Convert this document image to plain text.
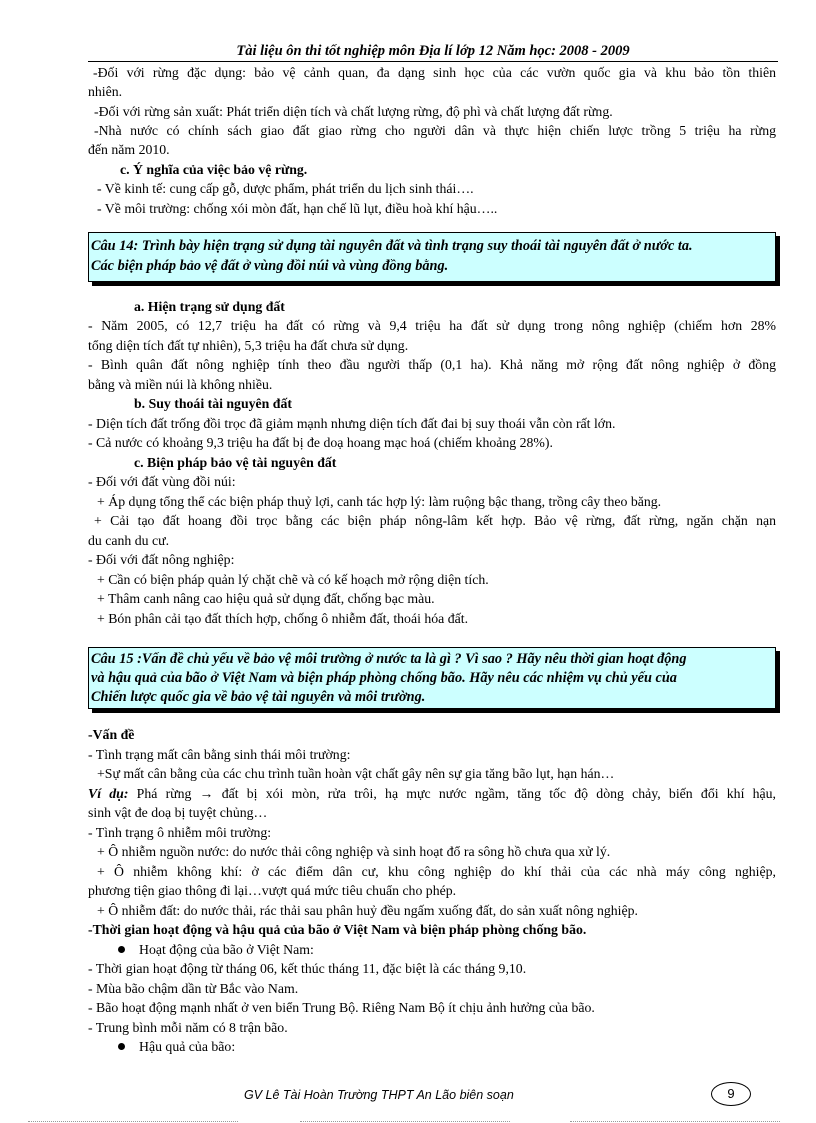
Tài liệu ôn thi tốt nghiệp môn Địa lí lớp 12 Năm học: 2008 - 2009
-Đối với rừng đặc dụng: bảo vệ cảnh quan, đa dạng sinh học của các vườn quốc gia và khu bảo tồn thiên
nhiên.
-Đối với rừng sản xuất: Phát triển diện tích và chất lượng rừng, độ phì và chất lượng đất rừng.
-Nhà nước có chính sách giao đất giao rừng cho người dân và thực hiện chiến lược trồng 5 triệu ha rừng
đến năm 2010.
c. Ý nghĩa của việc bảo vệ rừng.
- Về kinh tế: cung cấp gỗ, dược phẩm, phát triển du lịch sinh thái….
- Về môi trường: chống xói mòn đất, hạn chế lũ lụt, điều hoà khí hậu…..
Câu 14: Trình bày hiện trạng sử dụng tài nguyên đất và tình trạng suy thoái tài nguyên đất ở nước ta.
Các biện pháp bảo vệ đất ở vùng đồi núi và vùng đồng bằng.
a. Hiện trạng sử dụng đất
- Năm 2005, có 12,7 triệu ha đất có rừng và 9,4 triệu ha đất sử dụng trong nông nghiệp (chiếm hơn 28%
tổng diện tích đất tự nhiên), 5,3 triệu ha đất chưa sử dụng.
- Bình quân đất nông nghiệp tính theo đầu người thấp (0,1 ha). Khả năng mở rộng đất nông nghiệp ở đồng
bằng và miền núi là không nhiều.
b. Suy thoái tài nguyên đất
- Diện tích đất trống đồi trọc đã giảm mạnh nhưng diện tích đất đai bị suy thoái vẫn còn rất lớn.
- Cả nước có khoảng 9,3 triệu ha đất bị đe doạ hoang mạc hoá (chiếm khoảng 28%).
c. Biện pháp bảo vệ tài nguyên đất
- Đối với đất vùng đồi núi:
+ Áp dụng tổng thể các biện pháp thuỷ lợi, canh tác hợp lý: làm ruộng bậc thang, trồng cây theo băng.
+ Cải tạo đất hoang đồi trọc bằng các biện pháp nông-lâm kết hợp. Bảo vệ rừng, đất rừng, ngăn chặn nạn
du canh du cư.
- Đối với đất nông nghiệp:
+ Cần có biện pháp quản lý chặt chẽ và có kế hoạch mở rộng diện tích.
+ Thâm canh nâng cao hiệu quả sử dụng đất, chống bạc màu.
+ Bón phân cải tạo đất thích hợp, chống ô nhiễm đất, thoái hóa đất.
Câu 15 :Vấn đề chủ yếu về bảo vệ môi trường ở nước ta là gì ? Vì sao ? Hãy nêu thời gian hoạt động
và hậu quả của bão ở Việt Nam và biện pháp phòng chống bão. Hãy nêu các nhiệm vụ chủ yếu của
Chiến lược quốc gia về bảo vệ tài nguyên và môi trường.
-Vấn đề
- Tình trạng mất cân bằng sinh thái môi trường:
+Sự mất cân bằng của các chu trình tuần hoàn vật chất gây nên sự gia tăng bão lụt, hạn hán…
Ví dụ: Phá rừng → đất bị xói mòn, rửa trôi, hạ mực nước ngầm, tăng tốc độ dòng chảy, biến đổi khí hậu,
sinh vật đe doạ bị tuyệt chủng…
- Tình trạng ô nhiễm môi trường:
+ Ô nhiễm nguồn nước: do nước thải công nghiệp và sinh hoạt đổ ra sông hồ chưa qua xử lý.
+ Ô nhiễm không khí: ở các điểm dân cư, khu công nghiệp do khí thải của các nhà máy công nghiệp,
phương tiện giao thông đi lại…vượt quá mức tiêu chuẩn cho phép.
+ Ô nhiễm đất: do nước thải, rác thải sau phân huỷ đều ngấm xuống đất, do sản xuất nông nghiệp.
-Thời gian hoạt động và hậu quả của bão ở Việt Nam và biện pháp phòng chống bão.
Hoạt động của bão ở Việt Nam:
- Thời gian hoạt động từ tháng 06, kết thúc tháng 11, đặc biệt là các tháng 9,10.
- Mùa bão chậm dần từ Bắc vào Nam.
- Bão hoạt động mạnh nhất ở ven biển Trung Bộ. Riêng Nam Bộ ít chịu ảnh hưởng của bão.
- Trung bình mỗi năm có 8 trận bão.
Hậu quả của bão:
GV Lê Tài Hoàn Trường THPT An Lão biên soạn	9
